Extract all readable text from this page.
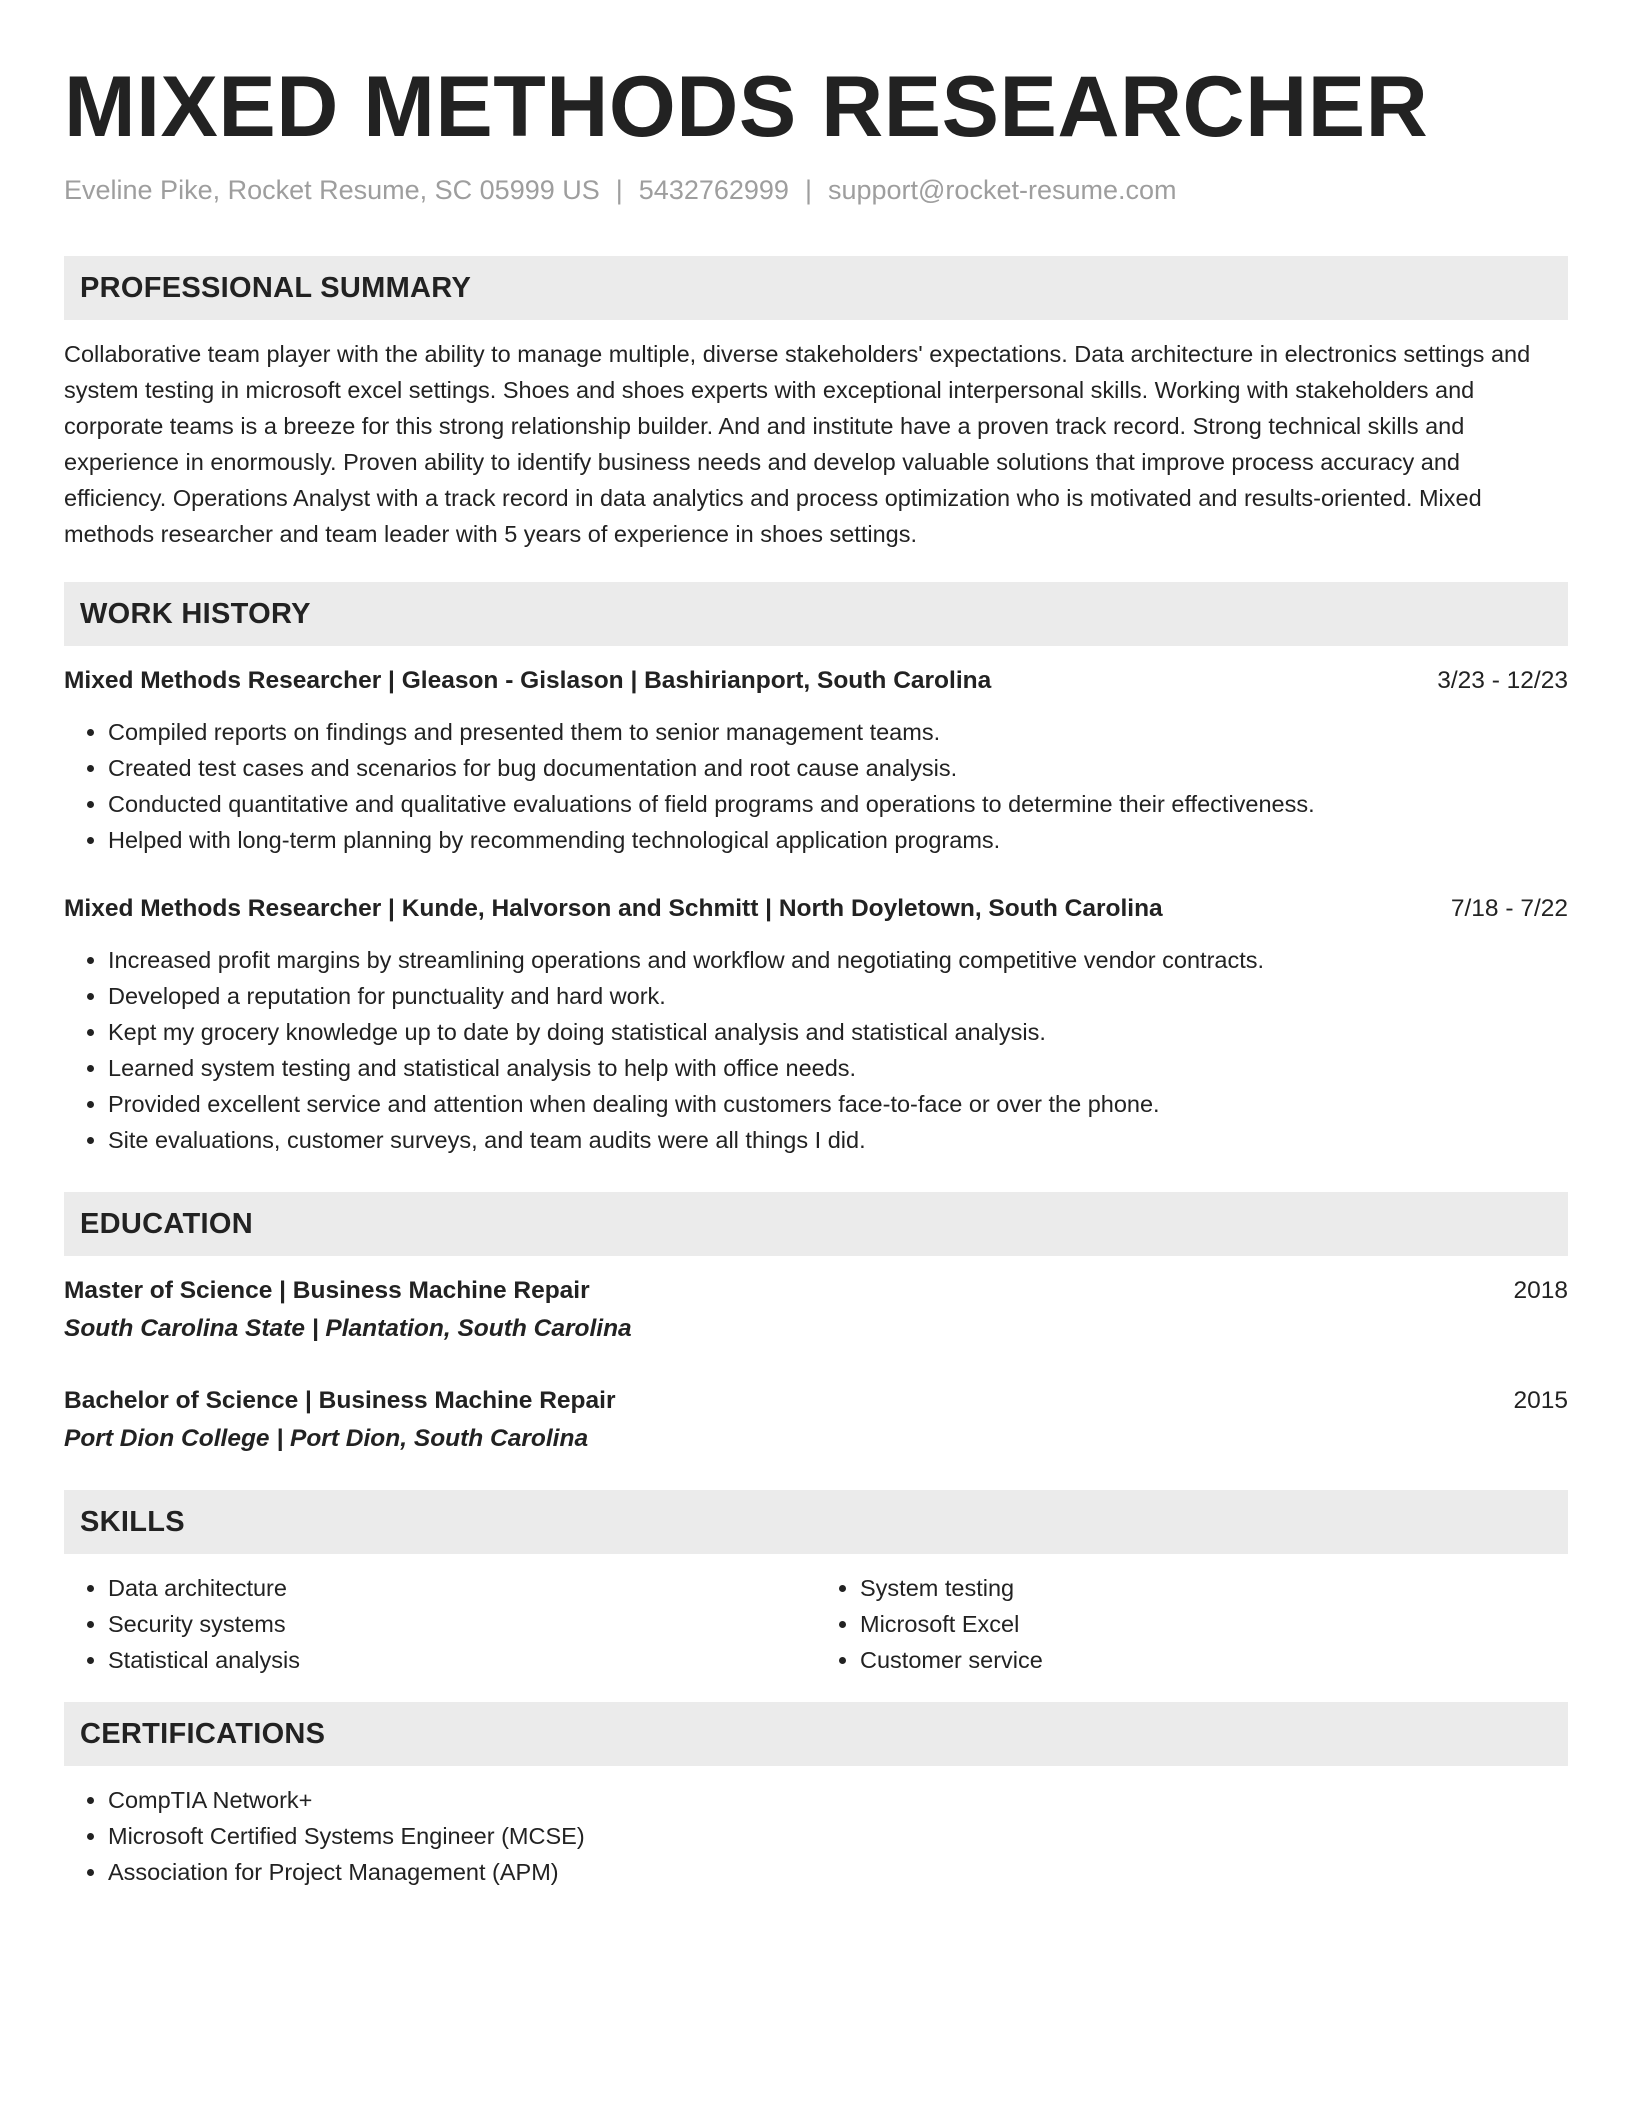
MIXED METHODS RESEARCHER
Eveline Pike, Rocket Resume, SC 05999 US | 5432762999 | support@rocket-resume.com
PROFESSIONAL SUMMARY

Collaborative team player with the ability to manage multiple, diverse stakeholders' expectations. Data architecture in electronics settings and system testing in microsoft excel settings. Shoes and shoes experts with exceptional interpersonal skills. Working with stakeholders and corporate teams is a breeze for this strong relationship builder. And and institute have a proven track record. Strong technical skills and experience in enormously. Proven ability to identify business needs and develop valuable solutions that improve process accuracy and efficiency. Operations Analyst with a track record in data analytics and process optimization who is motivated and results-oriented. Mixed methods researcher and team leader with 5 years of experience in shoes settings.

WORK HISTORY
Mixed Methods Researcher | Gleason - Gislason | Bashirianport, South Carolina	3/23 - 12/23
• Compiled reports on findings and presented them to senior management teams.
• Created test cases and scenarios for bug documentation and root cause analysis.
• Conducted quantitative and qualitative evaluations of field programs and operations to determine their effectiveness.
• Helped with long-term planning by recommending technological application programs.
Mixed Methods Researcher | Kunde, Halvorson and Schmitt | North Doyletown, South Carolina	7/18 - 7/22
• Increased profit margins by streamlining operations and workflow and negotiating competitive vendor contracts.
• Developed a reputation for punctuality and hard work.
• Kept my grocery knowledge up to date by doing statistical analysis and statistical analysis.
• Learned system testing and statistical analysis to help with office needs.
• Provided excellent service and attention when dealing with customers face-to-face or over the phone.
• Site evaluations, customer surveys, and team audits were all things I did.
EDUCATION
Master of Science | Business Machine Repair	2018
South Carolina State | Plantation, South Carolina
Bachelor of Science | Business Machine Repair	2015
Port Dion College | Port Dion, South Carolina
SKILLS
• Data architecture
• Security systems
• Statistical analysis
• System testing
• Microsoft Excel
• Customer service
CERTIFICATIONS
• CompTIA Network+
• Microsoft Certified Systems Engineer (MCSE)
• Association for Project Management (APM)
